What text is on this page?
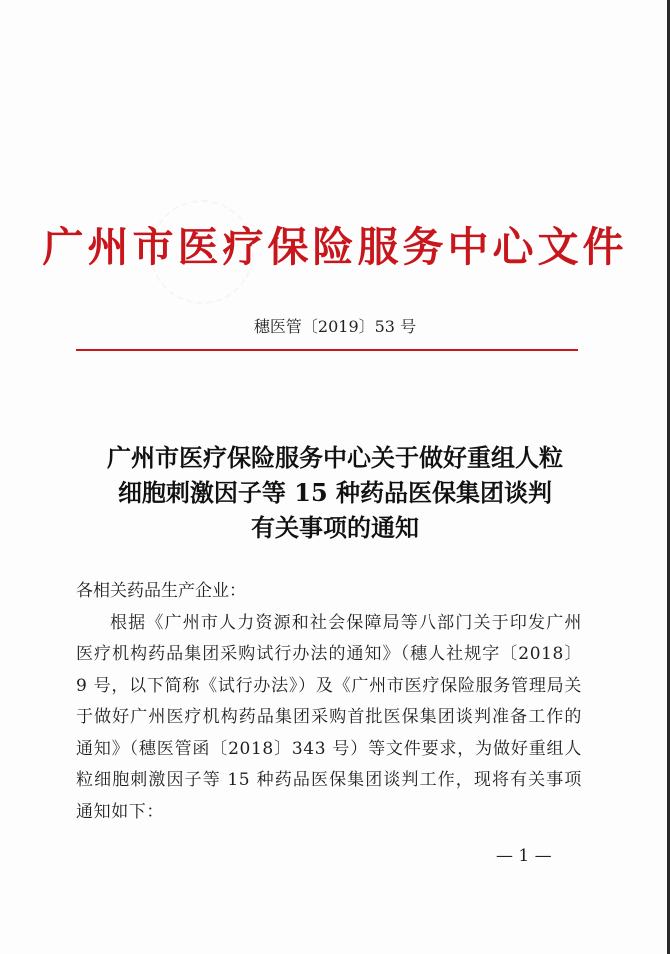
广州市医疗保险服务中心文件
穗医管〔2019〕53 号
广州市医疗保险服务中心关于做好重组人粒
细胞刺激因子等 15 种药品医保集团谈判
有关事项的通知
各相关药品生产企业：
根据《广州市人力资源和社会保障局等八部门关于印发广州医疗机构药品集团采购试行办法的通知》（穗人社规字〔2018〕9 号，以下简称《试行办法》）及《广州市医疗保险服务管理局关于做好广州医疗机构药品集团采购首批医保集团谈判准备工作的通知》（穗医管函〔2018〕343 号）等文件要求，为做好重组人粒细胞刺激因子等 15 种药品医保集团谈判工作，现将有关事项通知如下：
— 1 —
